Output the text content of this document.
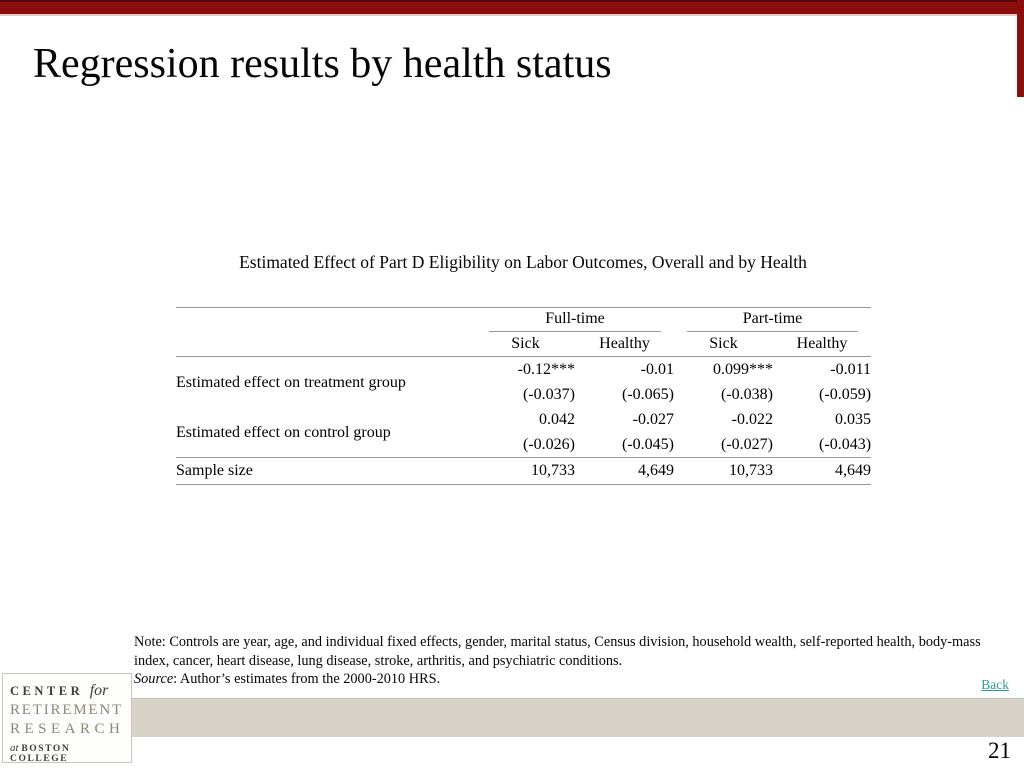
Regression results by health status
Estimated Effect of Part D Eligibility on Labor Outcomes, Overall and by Health

	Full-time		Part-time	

	Sick	Healthy	Sick	Healthy
Estimated effect on treatment group	-0.12***	-0.01	0.099***	-0.011
	(-0.037)	(-0.065)	(-0.038)	(-0.059)
Estimated effect on control group	0.042	-0.027	-0.022	0.035
	(-0.026)	(-0.045)	(-0.027)	(-0.043)
Sample size	10,733	4,649	10,733	4,649
Note: Controls are year, age, and individual fixed effects, gender, marital status, Census division, household wealth, self-reported health, body-mass index, cancer, heart disease, lung disease, stroke, arthritis, and psychiatric conditions.
Source: Author’s estimates from the 2000-2010 HRS.	Back
CENTER for
RETIREMENT
RESEARCH
at BOSTON COLLEGE	21
